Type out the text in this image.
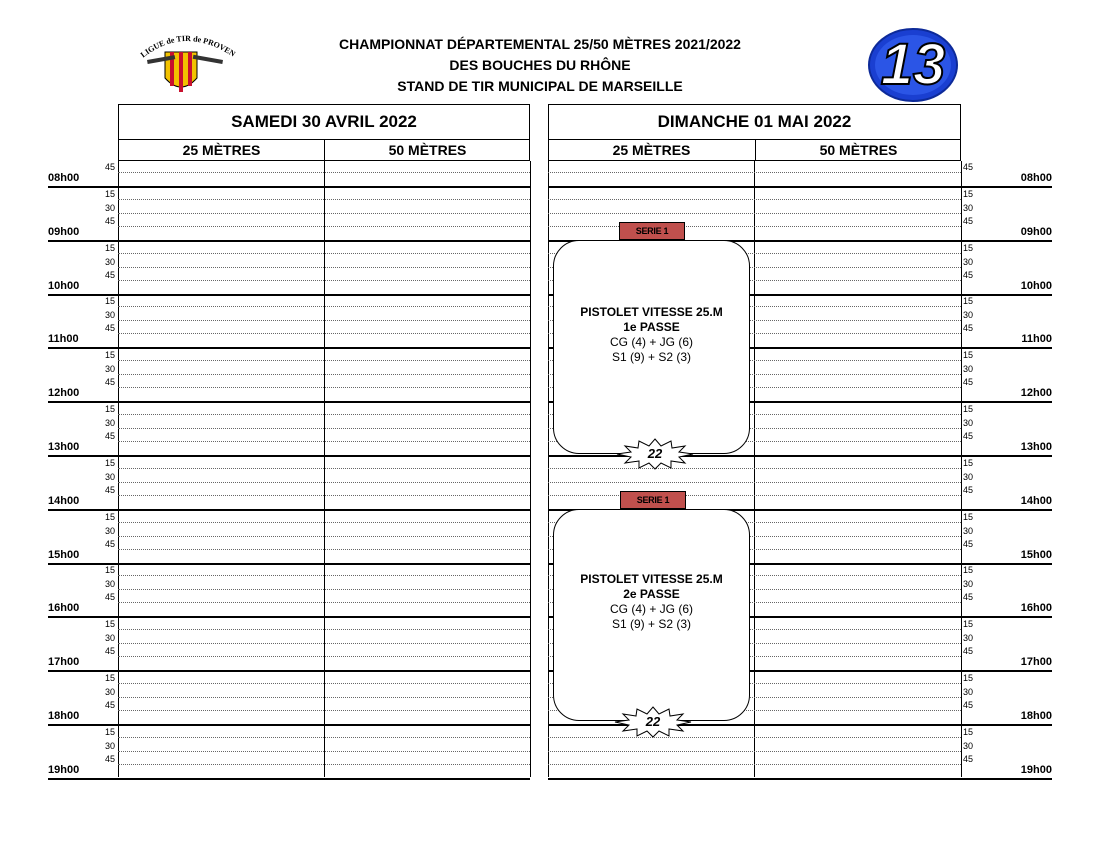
LIGUE de TIR de PROVEN
CHAMPIONNAT DÉPARTEMENTAL 25/50 MÈTRES 2021/2022
DES BOUCHES DU RHÔNE
STAND DE TIR MUNICIPAL DE MARSEILLE	13
SAMEDI 30 AVRIL 2022
25 MÈTRES	50 MÈTRES
DIMANCHE 01 MAI 2022
25 MÈTRES	50 MÈTRES
08h00	08h00
45	45
09h00	09h00
15	15
30	30
45	45
10h00	10h00
15	15
30	30
45	45
11h00	11h00
15	15
30	30
45	45
12h00	12h00
15	15
30	30
45	45
13h00	13h00
15	15
30	30
45	45
14h00	14h00
15	15
30	30
45	45
15h00	15h00
15	15
30	30
45	45
16h00	16h00
15	15
30	30
45	45
17h00	17h00
15	15
30	30
45	45
18h00	18h00
15	15
30	30
45	45
19h00	19h00
15	15
30	30
45	45
SERIE 1
PISTOLET VITESSE 25.M
1e PASSE
CG (4) + JG (6)
S1 (9) + S2 (3)
22
SERIE 1
PISTOLET VITESSE 25.M
2e PASSE
CG (4) + JG (6)
S1 (9) + S2 (3)
22
